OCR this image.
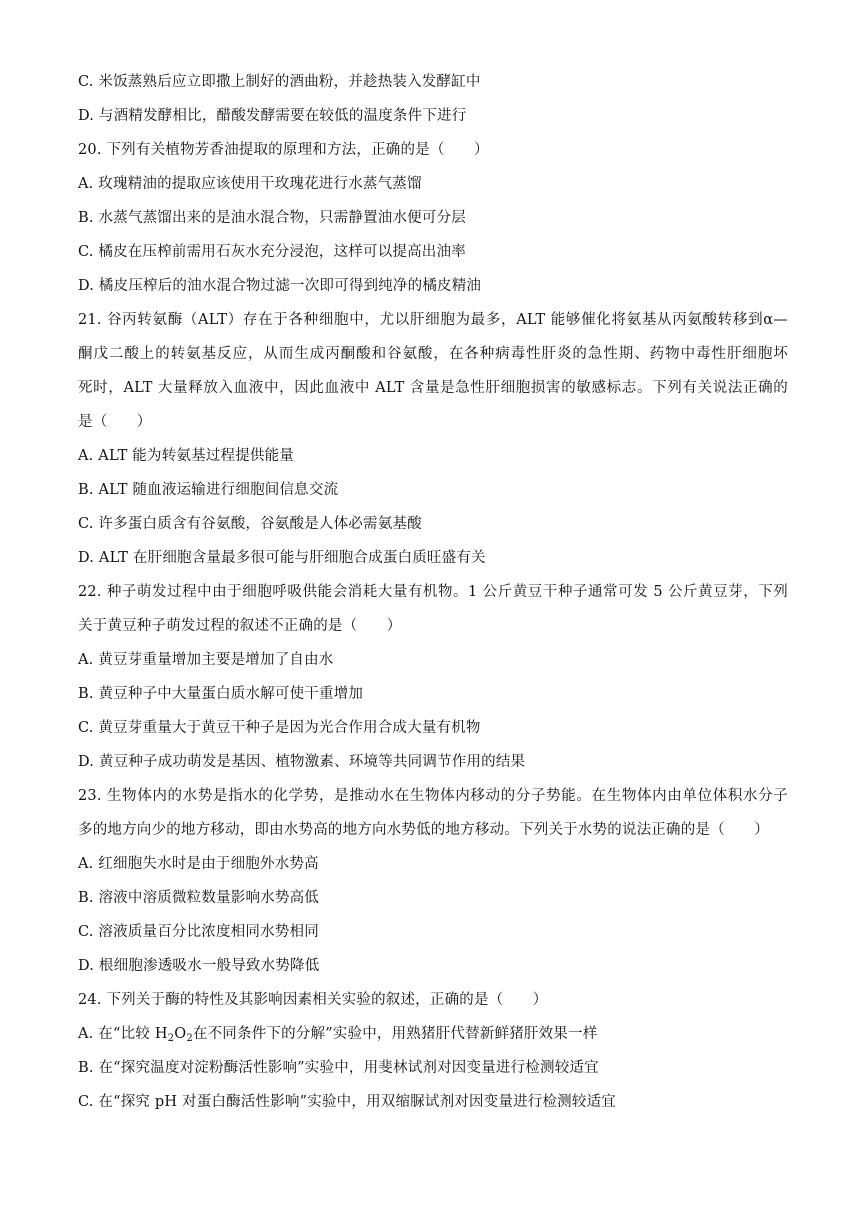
C. 米饭蒸熟后应立即撒上制好的酒曲粉，并趁热装入发酵缸中
D. 与酒精发酵相比，醋酸发酵需要在较低的温度条件下进行
20. 下列有关植物芳香油提取的原理和方法，正确的是（　　）
A. 玫瑰精油的提取应该使用干玫瑰花进行水蒸气蒸馏
B. 水蒸气蒸馏出来的是油水混合物，只需静置油水便可分层
C. 橘皮在压榨前需用石灰水充分浸泡，这样可以提高出油率
D. 橘皮压榨后的油水混合物过滤一次即可得到纯净的橘皮精油
21. 谷丙转氨酶（ALT）存在于各种细胞中，尤以肝细胞为最多，ALT 能够催化将氨基从丙氨酸转移到α—
酮戊二酸上的转氨基反应，从而生成丙酮酸和谷氨酸，在各种病毒性肝炎的急性期、药物中毒性肝细胞坏
死时，ALT 大量释放入血液中，因此血液中 ALT 含量是急性肝细胞损害的敏感标志。下列有关说法正确的
是（　　）
A. ALT 能为转氨基过程提供能量
B. ALT 随血液运输进行细胞间信息交流
C. 许多蛋白质含有谷氨酸，谷氨酸是人体必需氨基酸
D. ALT 在肝细胞含量最多很可能与肝细胞合成蛋白质旺盛有关
22. 种子萌发过程中由于细胞呼吸供能会消耗大量有机物。1 公斤黄豆干种子通常可发 5 公斤黄豆芽，下列
关于黄豆种子萌发过程的叙述不正确的是（　　）
A. 黄豆芽重量增加主要是增加了自由水
B. 黄豆种子中大量蛋白质水解可使干重增加
C. 黄豆芽重量大于黄豆干种子是因为光合作用合成大量有机物
D. 黄豆种子成功萌发是基因、植物激素、环境等共同调节作用的结果
23. 生物体内的水势是指水的化学势，是推动水在生物体内移动的分子势能。在生物体内由单位体积水分子
多的地方向少的地方移动，即由水势高的地方向水势低的地方移动。下列关于水势的说法正确的是（　　）
A. 红细胞失水时是由于细胞外水势高
B. 溶液中溶质微粒数量影响水势高低
C. 溶液质量百分比浓度相同水势相同
D. 根细胞渗透吸水一般导致水势降低
24. 下列关于酶的特性及其影响因素相关实验的叙述，正确的是（　　）
A. 在“比较 $H_2O_2$在不同条件下的分解”实验中，用熟猪肝代替新鲜猪肝效果一样
B. 在“探究温度对淀粉酶活性影响”实验中，用斐林试剂对因变量进行检测较适宜
C. 在“探究 pH 对蛋白酶活性影响”实验中，用双缩脲试剂对因变量进行检测较适宜
